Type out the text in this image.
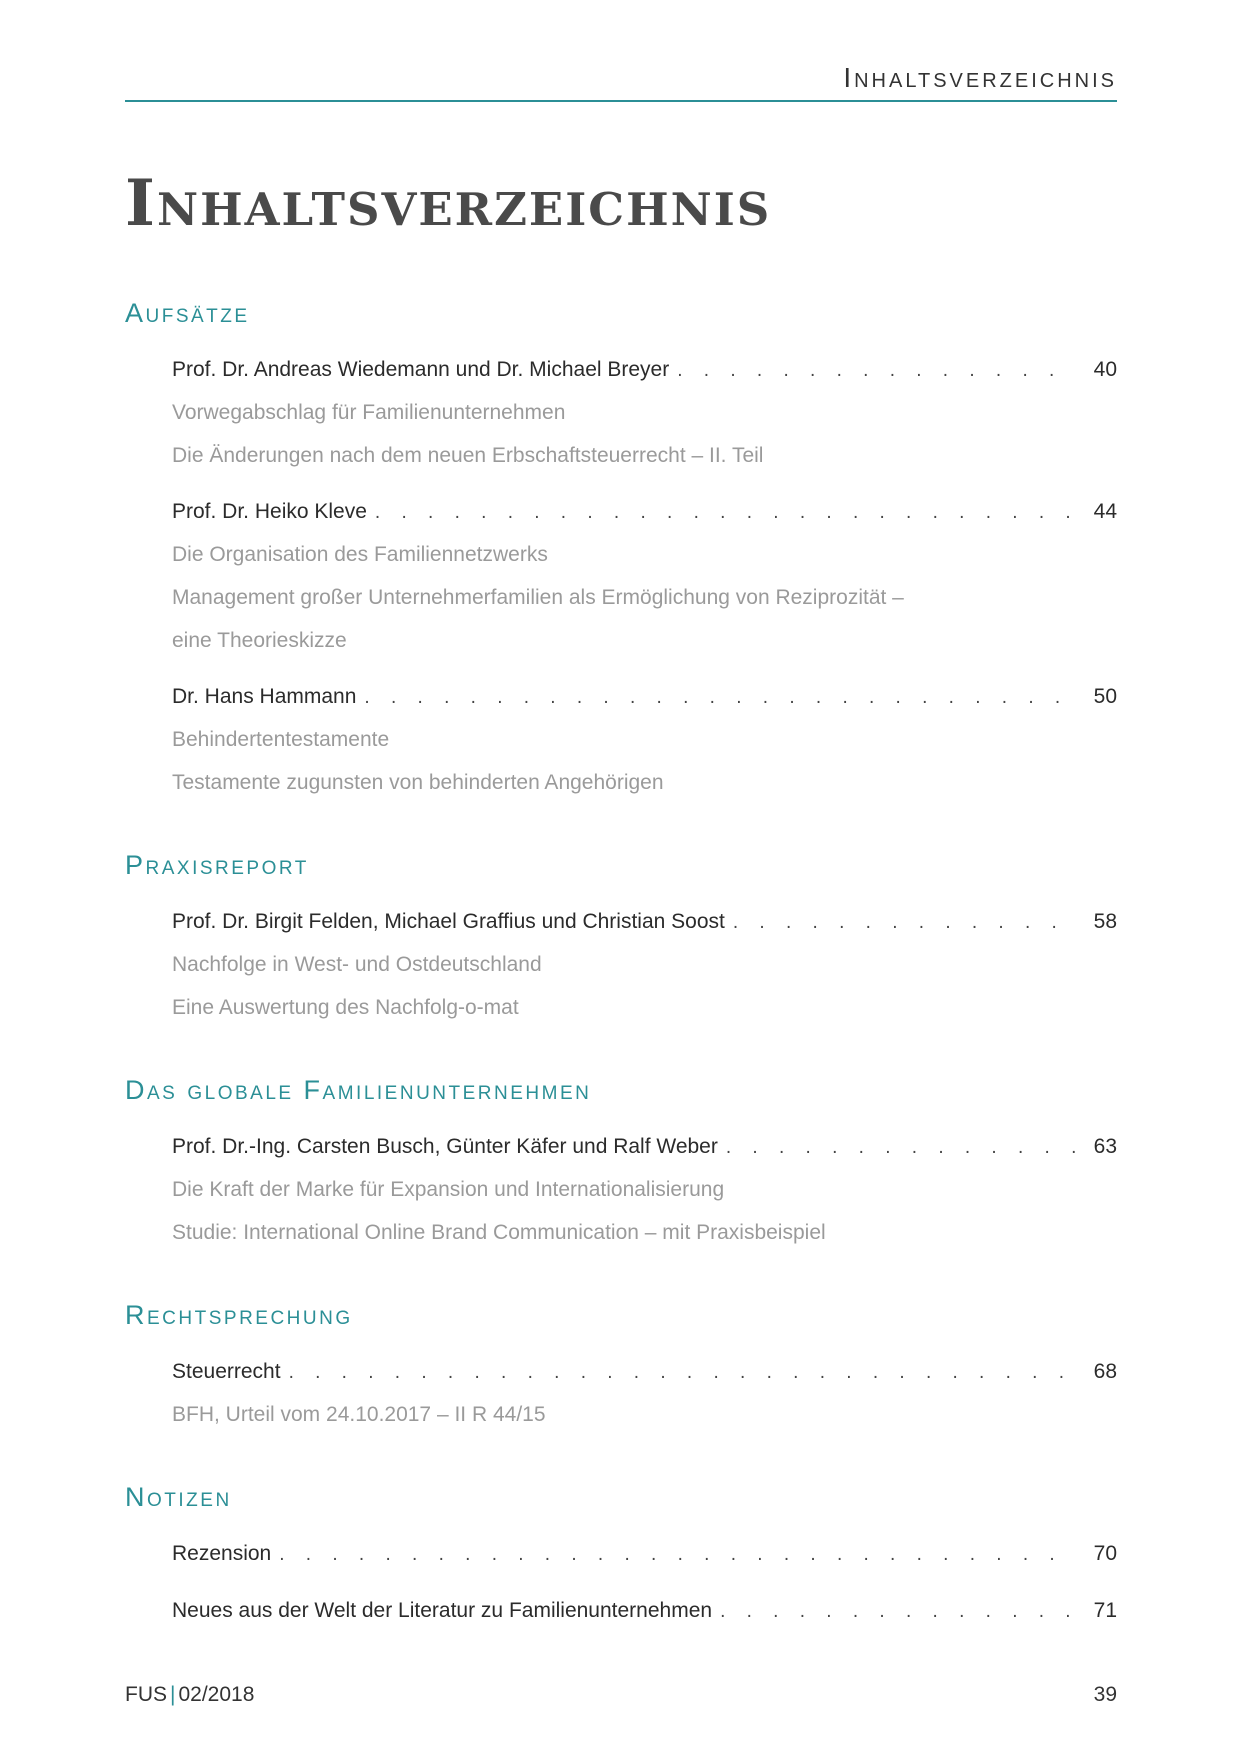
Inhaltsverzeichnis
Inhaltsverzeichnis
Aufsätze
Prof. Dr. Andreas Wiedemann und Dr. Michael Breyer . . .	40
Vorwegabschlag für Familienunternehmen
Die Änderungen nach dem neuen Erbschaftsteuerrecht – II. Teil
Prof. Dr. Heiko Kleve . . .	44
Die Organisation des Familiennetzwerks
Management großer Unternehmerfamilien als Ermöglichung von Reziprozität –
eine Theorieskizze
Dr. Hans Hammann . . .	50
Behindertentestamente
Testamente zugunsten von behinderten Angehörigen
Praxisreport
Prof. Dr. Birgit Felden, Michael Graffius und Christian Soost . . .	58
Nachfolge in West- und Ostdeutschland
Eine Auswertung des Nachfolg-o-mat
Das globale Familienunternehmen
Prof. Dr.-Ing. Carsten Busch, Günter Käfer und Ralf Weber . . .	63
Die Kraft der Marke für Expansion und Internationalisierung
Studie: International Online Brand Communication – mit Praxisbeispiel
Rechtsprechung
Steuerrecht . . .	68
BFH, Urteil vom 24.10.2017 – II R 44/15
Notizen
Rezension . . .	70
Neues aus der Welt der Literatur zu Familienunternehmen . . .	71
FUS | 02/2018	39
